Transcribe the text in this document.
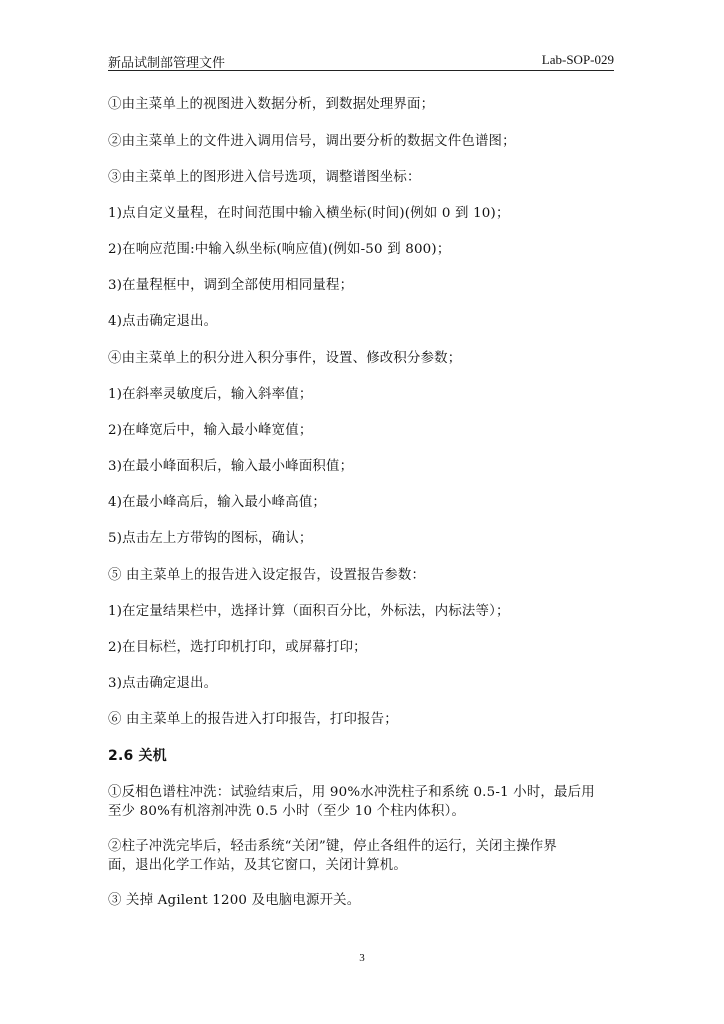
新品试制部管理文件	Lab-SOP-029
①由主菜单上的视图进入数据分析，到数据处理界面；
②由主菜单上的文件进入调用信号，调出要分析的数据文件色谱图；
③由主菜单上的图形进入信号选项，调整谱图坐标：
1)点自定义量程，在时间范围中输入横坐标(时间)(例如 0 到 10)；
2)在响应范围:中输入纵坐标(响应值)(例如-50 到 800)；
3)在量程框中，调到全部使用相同量程；
4)点击确定退出。
④由主菜单上的积分进入积分事件，设置、修改积分参数；
1)在斜率灵敏度后，输入斜率值；
2)在峰宽后中，输入最小峰宽值；
3)在最小峰面积后，输入最小峰面积值；
4)在最小峰高后，输入最小峰高值；
5)点击左上方带钩的图标，确认；
⑤ 由主菜单上的报告进入设定报告，设置报告参数：
1)在定量结果栏中，选择计算（面积百分比，外标法，内标法等）；
2)在目标栏，选打印机打印，或屏幕打印；
3)点击确定退出。
⑥ 由主菜单上的报告进入打印报告，打印报告；
2.6 关机
①反相色谱柱冲洗：试验结束后，用 90%水冲洗柱子和系统 0.5-1 小时，最后用
至少 80%有机溶剂冲洗 0.5 小时（至少 10 个柱内体积）。
②柱子冲洗完毕后，轻击系统“关闭”键，停止各组件的运行，关闭主操作界
面，退出化学工作站，及其它窗口，关闭计算机。
③ 关掉 Agilent 1200 及电脑电源开关。
3
